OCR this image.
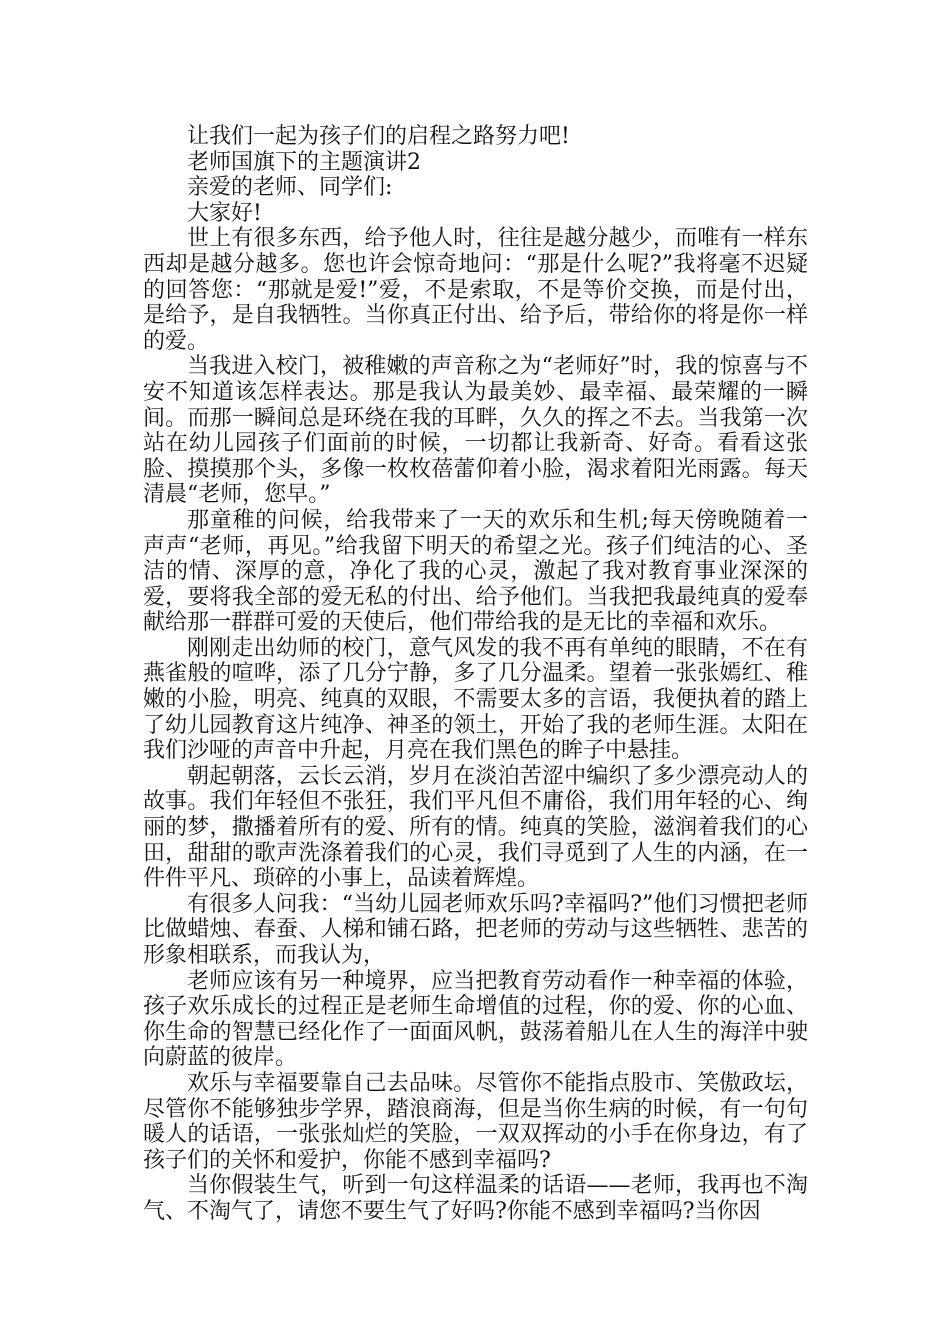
让我们一起为孩子们的启程之路努力吧!

老师国旗下的主题演讲2

亲爱的老师、同学们:

大家好!

世上有很多东西，给予他人时，往往是越分越少，而唯有一样东西却是越分越多。您也许会惊奇地问：“那是什么呢?”我将毫不迟疑的回答您：“那就是爱!”爱，不是索取，不是等价交换，而是付出，是给予，是自我牺牲。当你真正付出、给予后，带给你的将是你一样的爱。

当我进入校门，被稚嫩的声音称之为“老师好”时，我的惊喜与不安不知道该怎样表达。那是我认为最美妙、最幸福、最荣耀的一瞬间。而那一瞬间总是环绕在我的耳畔，久久的挥之不去。当我第一次站在幼儿园孩子们面前的时候，一切都让我新奇、好奇。看看这张脸、摸摸那个头，多像一枚枚蓓蕾仰着小脸，渴求着阳光雨露。每天清晨“老师，您早。”

那童稚的问候，给我带来了一天的欢乐和生机;每天傍晚随着一声声“老师，再见。”给我留下明天的希望之光。孩子们纯洁的心、圣洁的情、深厚的意，净化了我的心灵，激起了我对教育事业深深的爱，要将我全部的爱无私的付出、给予他们。当我把我最纯真的爱奉献给那一群群可爱的天使后，他们带给我的是无比的幸福和欢乐。

刚刚走出幼师的校门，意气风发的我不再有单纯的眼睛，不在有燕雀般的喧哗，添了几分宁静，多了几分温柔。望着一张张嫣红、稚嫩的小脸，明亮、纯真的双眼，不需要太多的言语，我便执着的踏上了幼儿园教育这片纯净、神圣的领土，开始了我的老师生涯。太阳在我们沙哑的声音中升起，月亮在我们黑色的眸子中悬挂。

朝起朝落，云长云消，岁月在淡泊苦涩中编织了多少漂亮动人的故事。我们年轻但不张狂，我们平凡但不庸俗，我们用年轻的心、绚丽的梦，撒播着所有的爱、所有的情。纯真的笑脸，滋润着我们的心田，甜甜的歌声洗涤着我们的心灵，我们寻觅到了人生的内涵，在一件件平凡、琐碎的小事上，品读着辉煌。

有很多人问我：“当幼儿园老师欢乐吗?幸福吗?”他们习惯把老师比做蜡烛、春蚕、人梯和铺石路，把老师的劳动与这些牺牲、悲苦的形象相联系，而我认为，

老师应该有另一种境界，应当把教育劳动看作一种幸福的体验，孩子欢乐成长的过程正是老师生命增值的过程，你的爱、你的心血、你生命的智慧已经化作了一面面风帆，鼓荡着船儿在人生的海洋中驶向蔚蓝的彼岸。

欢乐与幸福要靠自己去品味。尽管你不能指点股市、笑傲政坛，尽管你不能够独步学界，踏浪商海，但是当你生病的时候，有一句句暖人的话语，一张张灿烂的笑脸，一双双挥动的小手在你身边，有了孩子们的关怀和爱护，你能不感到幸福吗?

当你假装生气，听到一句这样温柔的话语——老师，我再也不淘气、不淘气了，请您不要生气了好吗?你能不感到幸福吗?当你因
